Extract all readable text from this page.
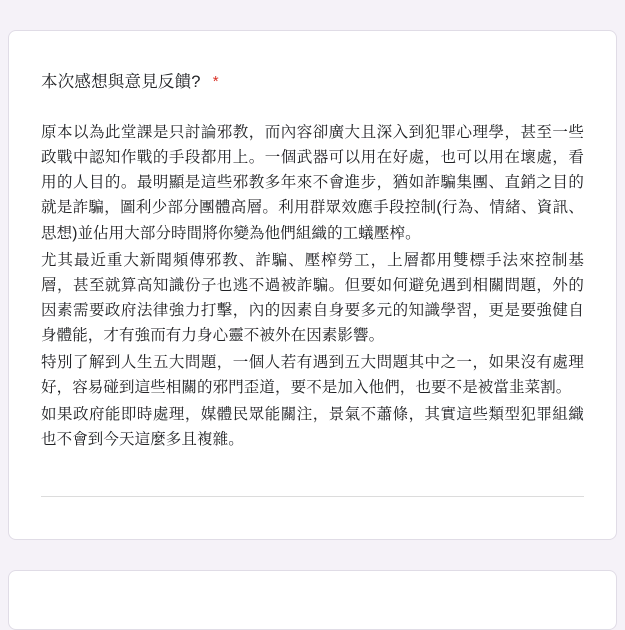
本次感想與意見反饋? *

原本以為此堂課是只討論邪教，而內容卻廣大且深入到犯罪心理學，甚至一些政戰中認知作戰的手段都用上。一個武器可以用在好處，也可以用在壞處，看用的人目的。最明顯是這些邪教多年來不會進步，猶如詐騙集團、直銷之目的就是詐騙，圖利少部分團體高層。利用群眾效應手段控制(行為、情緒、資訊、思想)並佔用大部分時間將你變為他們組織的工蟻壓榨。

尤其最近重大新聞頻傳邪教、詐騙、壓榨勞工，上層都用雙標手法來控制基層，甚至就算高知識份子也逃不過被詐騙。但要如何避免遇到相關問題，外的因素需要政府法律強力打擊，內的因素自身要多元的知識學習，更是要強健自身體能，才有強而有力身心靈不被外在因素影響。

特別了解到人生五大問題，一個人若有遇到五大問題其中之一，如果沒有處理好，容易碰到這些相關的邪門歪道，要不是加入他們，也要不是被當韭菜割。

如果政府能即時處理，媒體民眾能關注，景氣不蕭條，其實這些類型犯罪組織也不會到今天這麼多且複雜。
